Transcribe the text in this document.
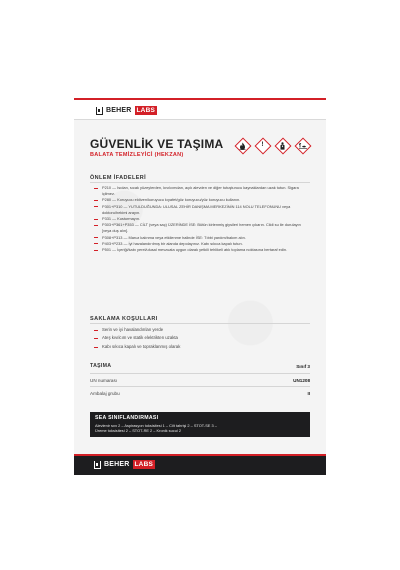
BEHER LABS
GÜVENLİK VE TAŞIMA
BALATA TEMİZLEYİCİ (HEKZAN)
!
ÖNLEM İFADELERİ
P210 — Isıdan, sıcak yüzeylerden, kıvılcımdan, açık alevden ve diğer tutuşturucu kaynaklardan uzak tutun. Sigara içilmez.
P280 — Koruyucu eldiven/koruyucu kıyafet/göz koruyucu/yüz koruyucu kullanın.
P301+P310 — YUTULDUĞUNDA: ULUSAL ZEHİR DANIŞMA MERKEZİNİN 114 NOLU TELEFONUNU veya doktoru/hekimi arayın.
P331 — Kusturmayın.
P303+P361+P353 — CİLT (veya saç) ÜZERİNDE İSE: Bütün kirlenmiş giysileri hemen çıkarın. Cildi su ile durulayın [veya duş alın].
P308+P313 — Maruz kalınma veya etkilenme halinde İSE: Tıbbi yardım/bakım alın.
P403+P233 — İyi havalandırılmış bir alanda depolayınız. Kabı sıkıca kapalı tutun.
P501 — İçeriği/kabı yerel/ulusal mevzuata uygun olarak yetkili tehlikeli atık toplama noktasına bertaraf edin.
SAKLAMA KOŞULLARI
Serin ve iyi havalandırılan yerde
Ateş kıvılcım ve statik elektrikten uzakta
Kabı sıkıca kapalı ve topraklanmış olarak
TAŞIMA	Sınıf 3
UN numarası	UN1208
Ambalaj grubu	II
SEA SINIFLANDIRMASI
Alevlenir sıvı 2 – Aspirasyon toksisitesi 1 – Cilt tahrişi 2 – STOT-SE 3 –
Üreme toksisitesi 2 – STOT-RE 2 – Kronik sucul 2
BEHER LABS
